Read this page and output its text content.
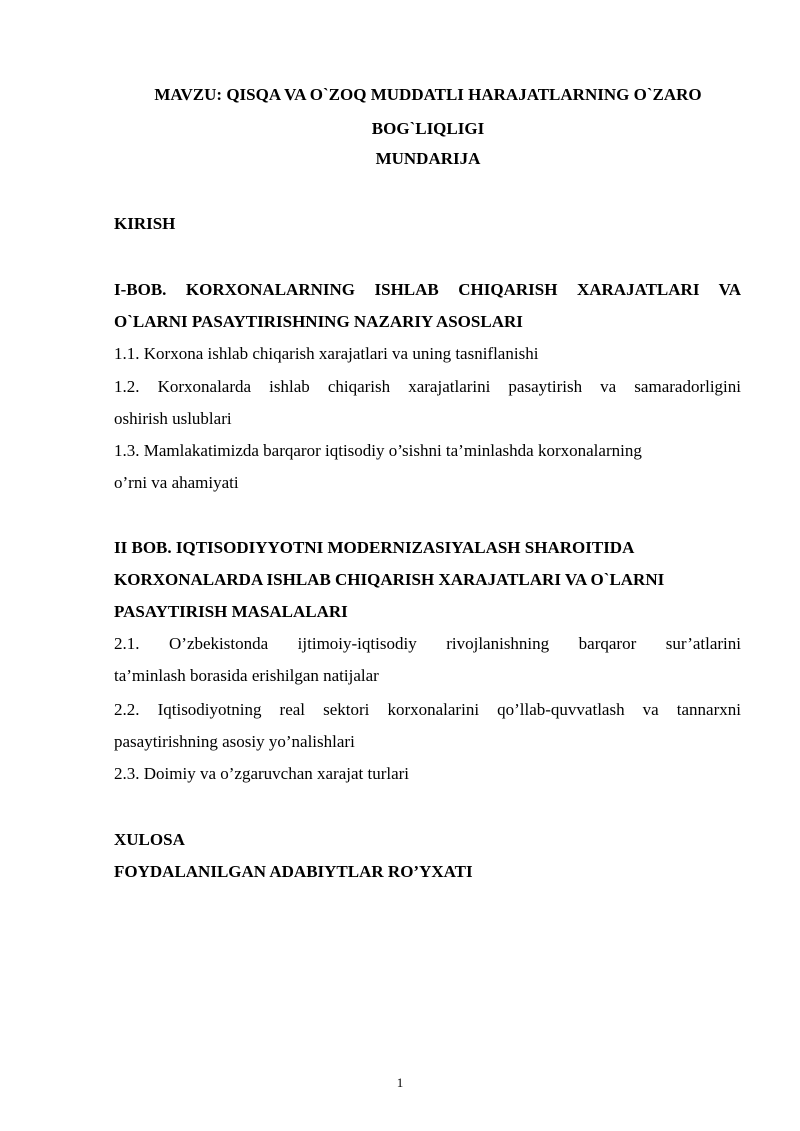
MAVZU: QISQA VA O`ZOQ MUDDATLI HARAJATLARNING O`ZARO
BOG`LIQLIGI
MUNDARIJA
KIRISH
I-BOB. KORXONALARNING ISHLAB CHIQARISH XARAJATLARI VA
O`LARNI PASAYTIRISHNING NAZARIY ASOSLARI
1.1. Korxona ishlab chiqarish xarajatlari va uning tasniflanishi
1.2. Korxonalarda ishlab chiqarish xarajatlarini pasaytirish va samaradorligini
oshirish uslublari
1.3. Mamlakatimizda barqaror iqtisodiy o’sishni ta’minlashda korxonalarning
o’rni va ahamiyati
II BOB. IQTISODIYYOTNI MODERNIZASIYALASH SHAROITIDA
KORXONALARDA ISHLAB CHIQARISH XARAJATLARI VA O`LARNI
PASAYTIRISH MASALALARI
2.1. O’zbekistonda ijtimoiy-iqtisodiy rivojlanishning barqaror sur’atlarini
ta’minlash borasida erishilgan natijalar
2.2. Iqtisodiyotning real sektori korxonalarini qo’llab-quvvatlash va tannarxni
pasaytirishning asosiy yo’nalishlari
2.3. Doimiy va o’zgaruvchan xarajat turlari
XULOSA
FOYDALANILGAN ADABIYTLAR RO’YXATI
1
